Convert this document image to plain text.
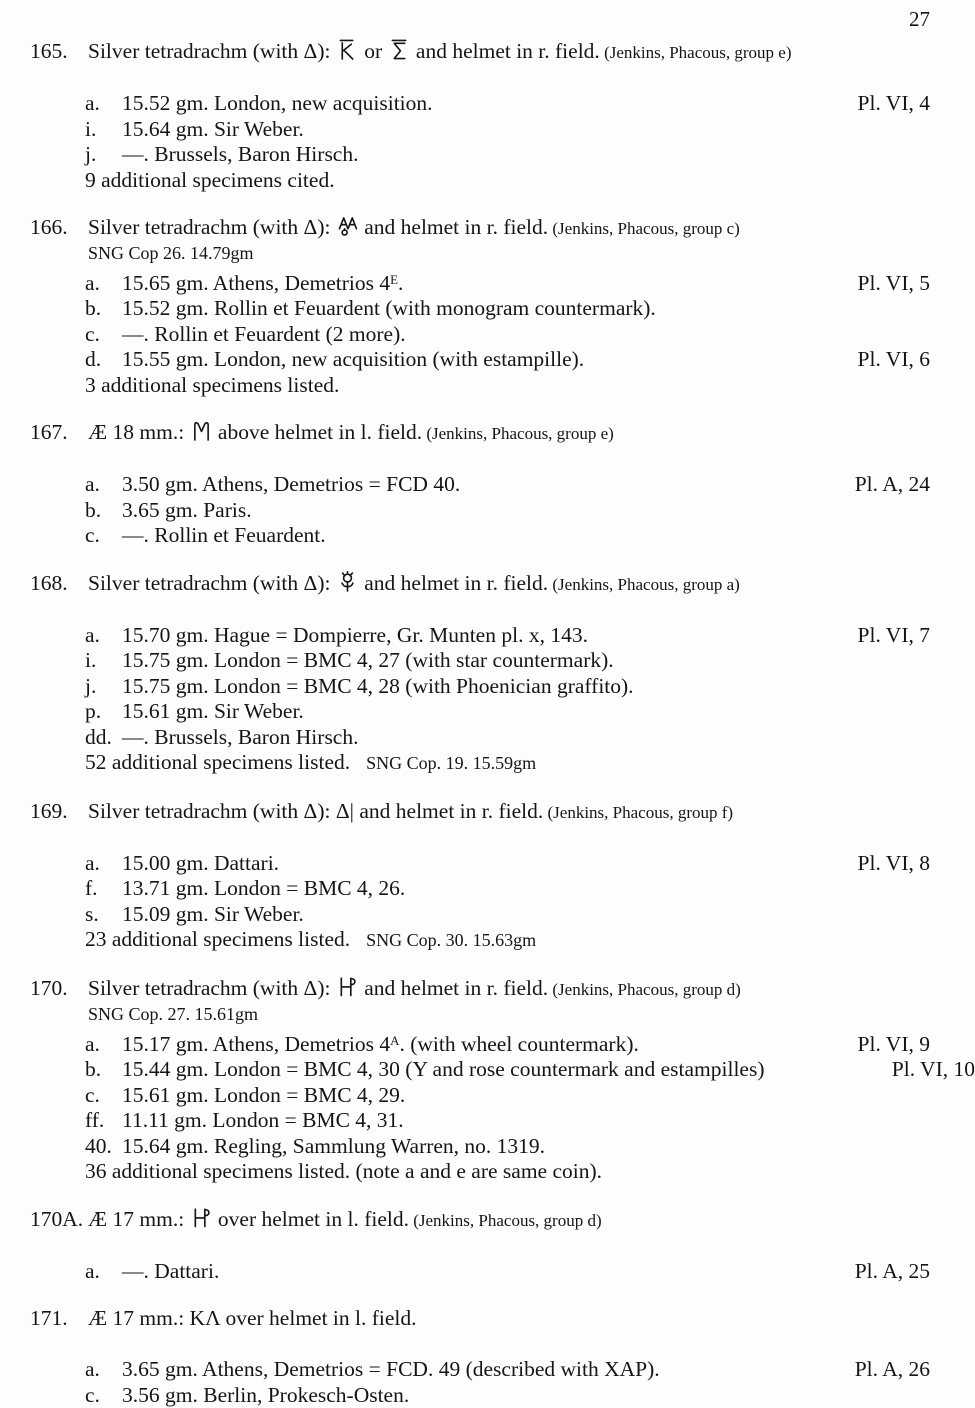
27
165. Silver tetradrachm (with Δ):  or  and helmet in r. field. (Jenkins, Phacous, group e)
a.	15.52 gm. London, new acquisition.	Pl. VI, 4
i.	15.64 gm. Sir Weber.
j.	—. Brussels, Baron Hirsch.
9 additional specimens cited.
166. Silver tetradrachm (with Δ):  and helmet in r. field. (Jenkins, Phacous, group c)
SNG Cop 26. 14.79gm
a.	15.65 gm. Athens, Demetrios $4^E$.	Pl. VI, 5
b. 15.52 gm. Rollin et Feuardent (with monogram countermark).
c.	—. Rollin et Feuardent (2 more).
d. 15.55 gm. London, new acquisition (with estampille).	Pl. VI, 6
3 additional specimens listed.
167. Æ 18 mm.:  above helmet in l. field. (Jenkins, Phacous, group e)
a.	3.50 gm. Athens, Demetrios = FCD 40.	Pl. A, 24
b. 3.65 gm. Paris.
c.	—. Rollin et Feuardent.
168. Silver tetradrachm (with Δ):  and helmet in r. field. (Jenkins, Phacous, group a)
a.	15.70 gm. Hague = Dompierre, Gr. Munten pl. x, 143.	Pl. VI, 7
i.	15.75 gm. London = BMC 4, 27 (with star countermark).
j.	15.75 gm. London = BMC 4, 28 (with Phoenician graffito).
p. 15.61 gm. Sir Weber.
dd. —. Brussels, Baron Hirsch.
52 additional specimens listed. SNG Cop. 19. 15.59gm
169. Silver tetradrachm (with Δ): Δ| and helmet in r. field. (Jenkins, Phacous, group f)
a.	15.00 gm. Dattari.	Pl. VI, 8
f.	13.71 gm. London = BMC 4, 26.
s.	15.09 gm. Sir Weber.
23 additional specimens listed. SNG Cop. 30. 15.63gm
170. Silver tetradrachm (with Δ):  and helmet in r. field. (Jenkins, Phacous, group d)
SNG Cop. 27. 15.61gm
a.	15.17 gm. Athens, Demetrios $4^A$. (with wheel countermark).	Pl. VI, 9
b. 15.44 gm. London = BMC 4, 30 (Υ and rose countermark and estampilles)	Pl. VI, 10
c.	15.61 gm. London = BMC 4, 29.
ff. 11.11 gm. London = BMC 4, 31.
40. 15.64 gm. Regling, Sammlung Warren, no. 1319.
36 additional specimens listed. (note a and e are same coin).
170A. Æ 17 mm.:  over helmet in l. field. (Jenkins, Phacous, group d)
a.	—. Dattari.	Pl. A, 25
171. Æ 17 mm.: ΚΛ over helmet in l. field.
a.	3.65 gm. Athens, Demetrios = FCD. 49 (described with ΧΑΡ).	Pl. A, 26
c.	3.56 gm. Berlin, Prokesch-Osten.
